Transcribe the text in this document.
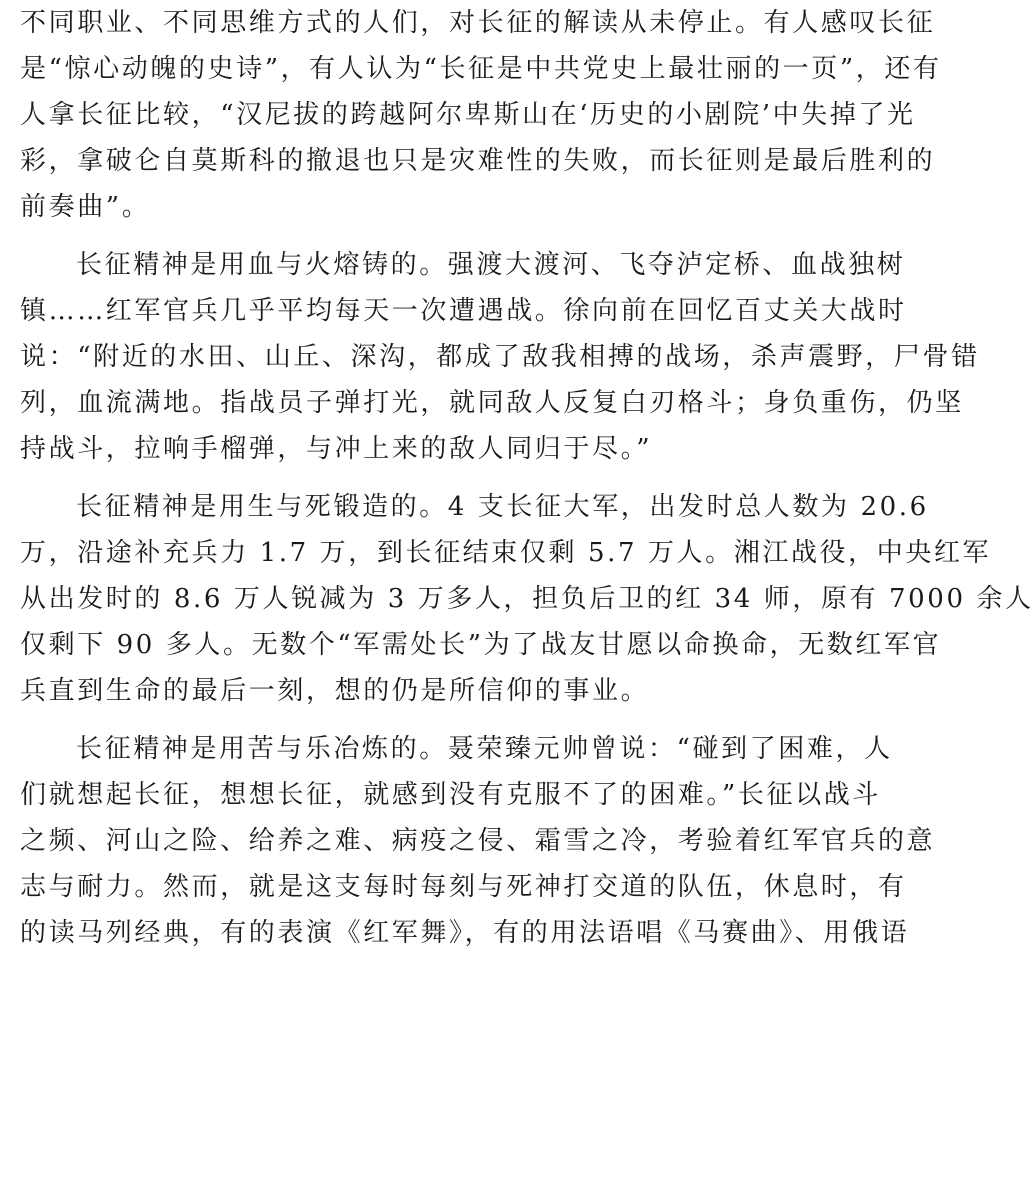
不同职业、不同思维方式的人们，对长征的解读从未停止。有人感叹长征
是“惊心动魄的史诗”，有人认为“长征是中共党史上最壮丽的一页”，还有
人拿长征比较，“汉尼拔的跨越阿尔卑斯山在‘历史的小剧院’中失掉了光
彩，拿破仑自莫斯科的撤退也只是灾难性的失败，而长征则是最后胜利的
前奏曲”。
长征精神是用血与火熔铸的。强渡大渡河、飞夺泸定桥、血战独树
镇……红军官兵几乎平均每天一次遭遇战。徐向前在回忆百丈关大战时
说：“附近的水田、山丘、深沟，都成了敌我相搏的战场，杀声震野，尸骨错
列，血流满地。指战员子弹打光，就同敌人反复白刃格斗；身负重伤，仍坚
持战斗，拉响手榴弹，与冲上来的敌人同归于尽。”
长征精神是用生与死锻造的。4 支长征大军，出发时总人数为 20.6
万，沿途补充兵力 1.7 万，到长征结束仅剩 5.7 万人。湘江战役，中央红军
从出发时的 8.6 万人锐减为 3 万多人，担负后卫的红 34 师，原有 7000 余人
仅剩下 90 多人。无数个“军需处长”为了战友甘愿以命换命，无数红军官
兵直到生命的最后一刻，想的仍是所信仰的事业。
长征精神是用苦与乐冶炼的。聂荣臻元帅曾说：“碰到了困难，人
们就想起长征，想想长征，就感到没有克服不了的困难。”长征以战斗
之频、河山之险、给养之难、病疫之侵、霜雪之冷，考验着红军官兵的意
志与耐力。然而，就是这支每时每刻与死神打交道的队伍，休息时，有
的读马列经典，有的表演《红军舞》，有的用法语唱《马赛曲》、用俄语
